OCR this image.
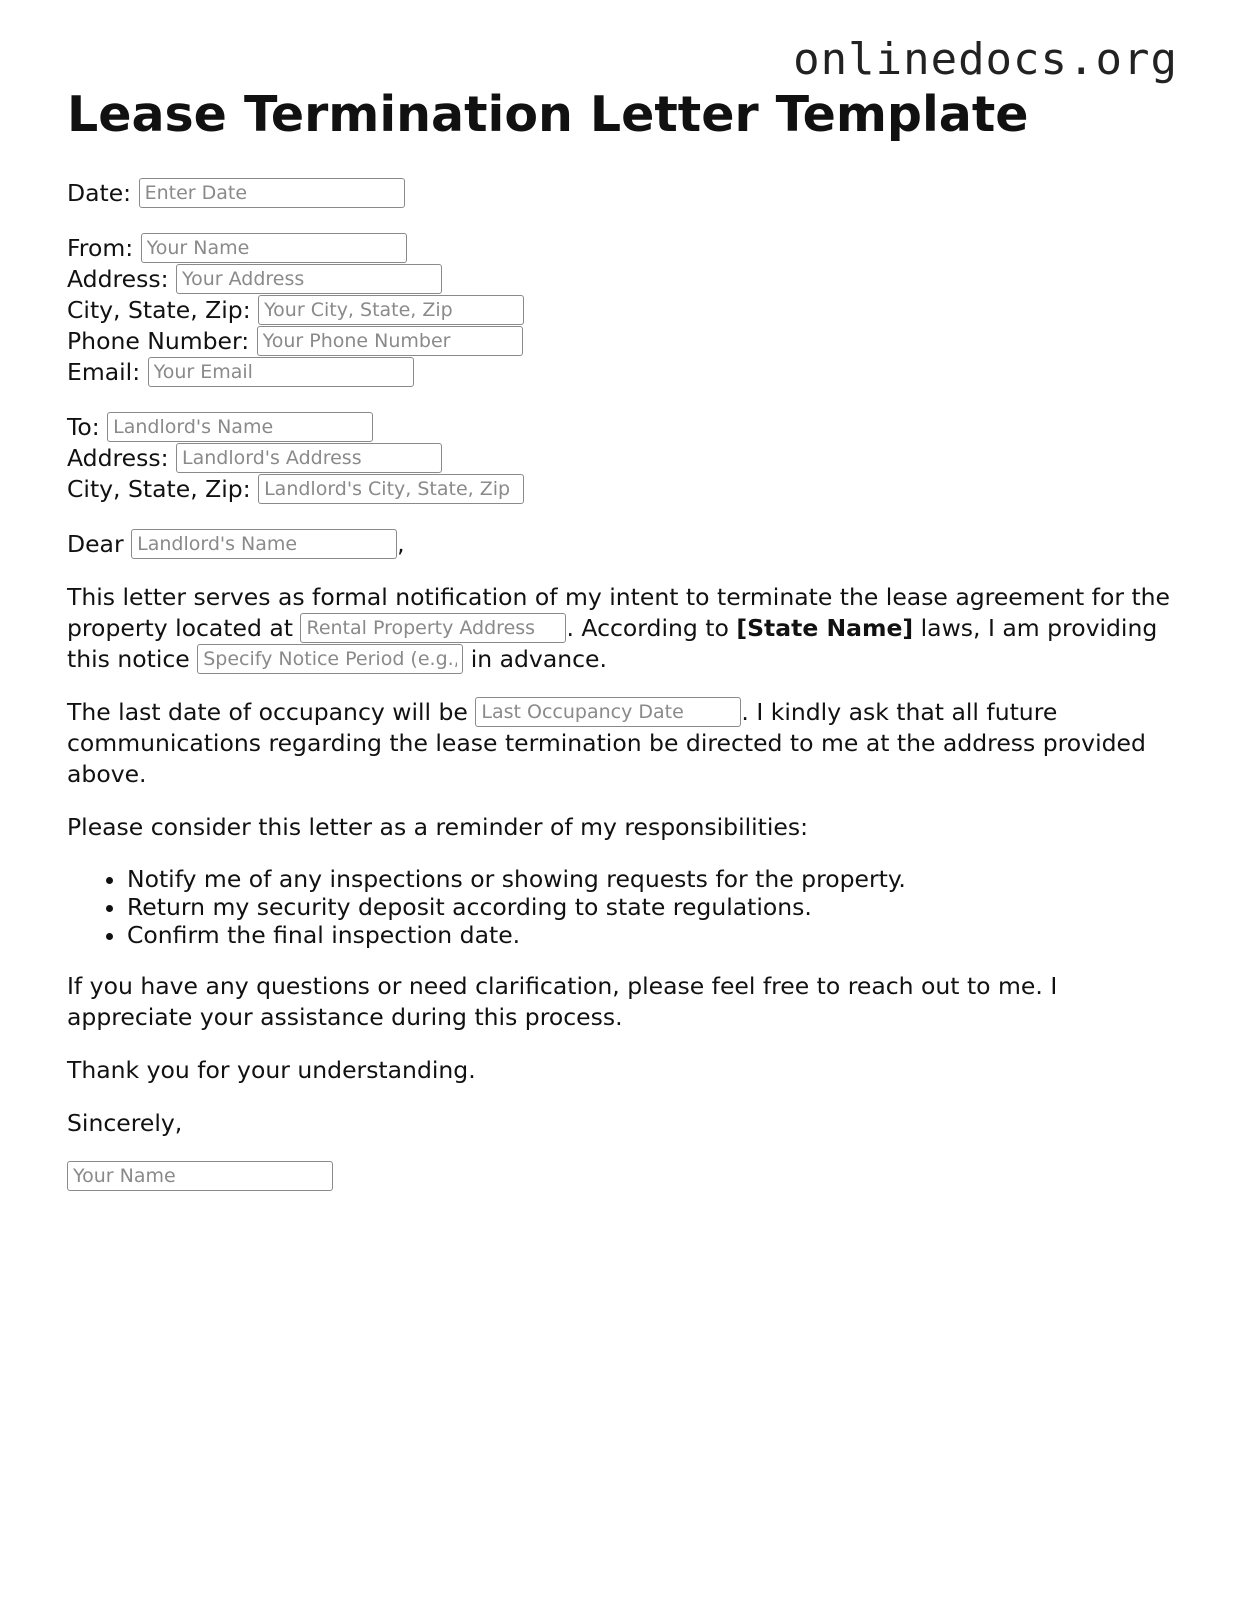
onlinedocs.org
Lease Termination Letter Template
Date: Enter Date
From: Your Name
Address: Your Address
City, State, Zip: Your City, State, Zip
Phone Number: Your Phone Number
Email: Your Email
To: Landlord's Name
Address: Landlord's Address
City, State, Zip: Landlord's City, State, Zip

Dear Landlord's Name	,

This letter serves as formal notification of my intent to terminate the lease agreement for the property located at Rental Property Address	. According to [State Name] laws, I am providing this notice Specify Notice Period (e.g., 30 days)	in advance.

The last date of occupancy will be Last Occupancy Date	. I kindly ask that all future communications regarding the lease termination be directed to me at the address provided above.

Please consider this letter as a reminder of my responsibilities:

• Notify me of any inspections or showing requests for the property.
• Return my security deposit according to state regulations.
• Confirm the final inspection date.

If you have any questions or need clarification, please feel free to reach out to me. I appreciate your assistance during this process.

Thank you for your understanding.

Sincerely,

Your Name
